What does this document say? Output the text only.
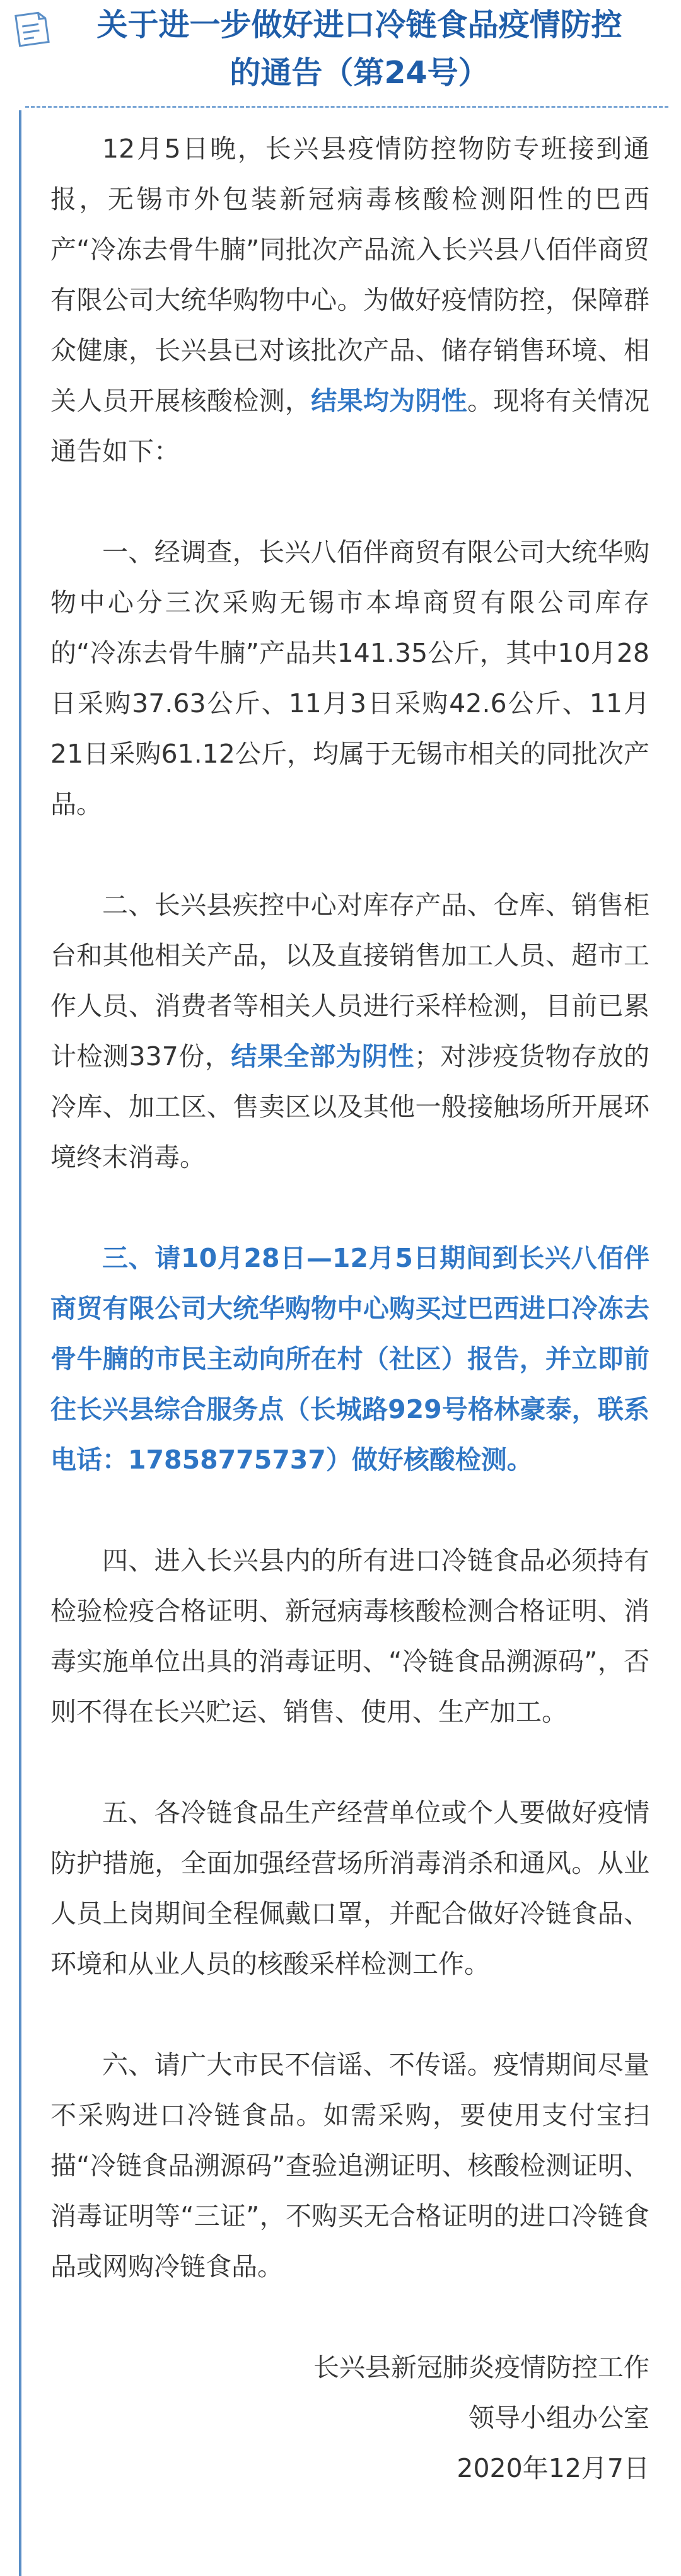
关于进一步做好进口冷链食品疫情防控
的通告（第24号）

12月5日晚，长兴县疫情防控物防专班接到通报，无锡市外包装新冠病毒核酸检测阳性的巴西产“冷冻去骨牛腩”同批次产品流入长兴县八佰伴商贸有限公司大统华购物中心。为做好疫情防控，保障群众健康，长兴县已对该批次产品、储存销售环境、相关人员开展核酸检测，结果均为阴性。现将有关情况通告如下：

一、经调查，长兴八佰伴商贸有限公司大统华购物中心分三次采购无锡市本埠商贸有限公司库存的“冷冻去骨牛腩”产品共141.35公斤，其中10月28日采购37.63公斤、11月3日采购42.6公斤、11月21日采购61.12公斤，均属于无锡市相关的同批次产品。

二、长兴县疾控中心对库存产品、仓库、销售柜台和其他相关产品，以及直接销售加工人员、超市工作人员、消费者等相关人员进行采样检测，目前已累计检测337份，结果全部为阴性；对涉疫货物存放的冷库、加工区、售卖区以及其他一般接触场所开展环境终末消毒。

三、请10月28日—12月5日期间到长兴八佰伴商贸有限公司大统华购物中心购买过巴西进口冷冻去骨牛腩的市民主动向所在村（社区）报告，并立即前往长兴县综合服务点（长城路929号格林豪泰，联系电话：17858775737）做好核酸检测。

四、进入长兴县内的所有进口冷链食品必须持有检验检疫合格证明、新冠病毒核酸检测合格证明、消毒实施单位出具的消毒证明、“冷链食品溯源码”，否则不得在长兴贮运、销售、使用、生产加工。

五、各冷链食品生产经营单位或个人要做好疫情防护措施，全面加强经营场所消毒消杀和通风。从业人员上岗期间全程佩戴口罩，并配合做好冷链食品、环境和从业人员的核酸采样检测工作。

六、请广大市民不信谣、不传谣。疫情期间尽量不采购进口冷链食品。如需采购，要使用支付宝扫描“冷链食品溯源码”查验追溯证明、核酸检测证明、消毒证明等“三证”，不购买无合格证明的进口冷链食品或网购冷链食品。

长兴县新冠肺炎疫情防控工作

领导小组办公室

2020年12月7日
